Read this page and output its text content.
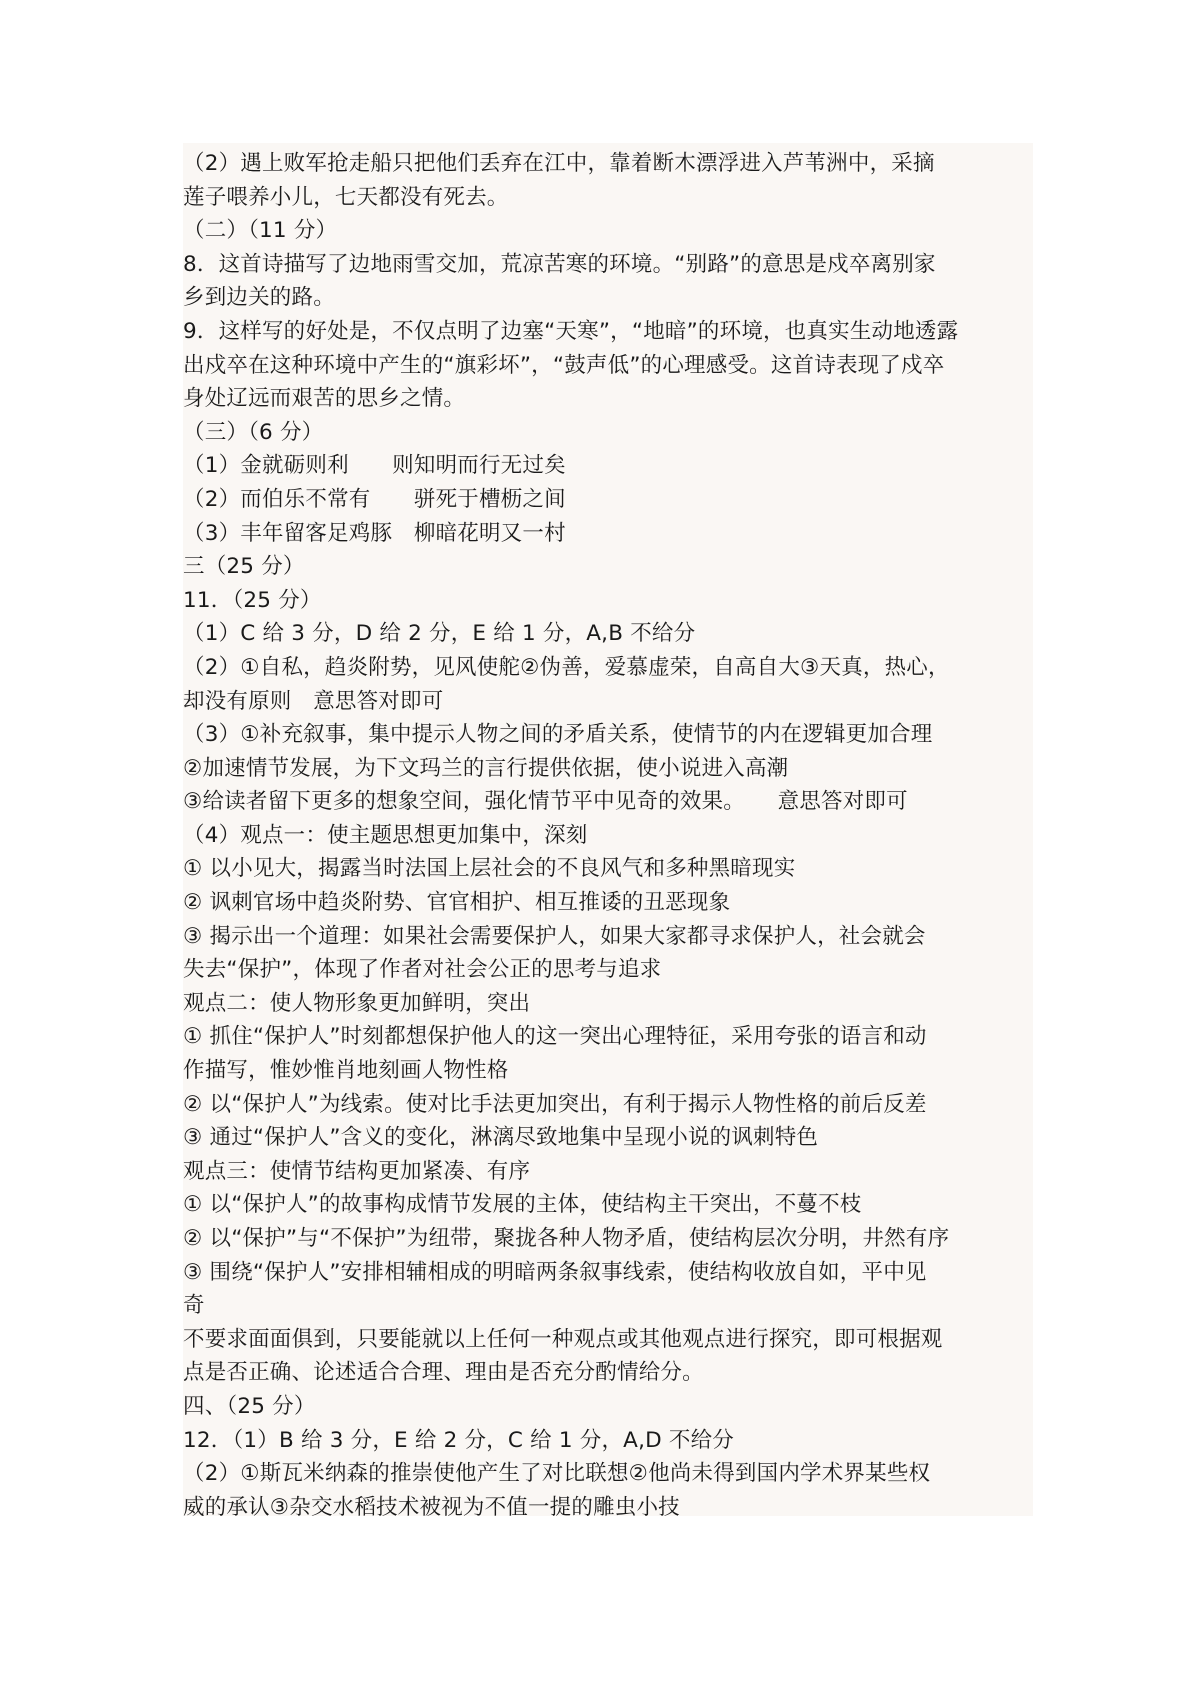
（2）遇上败军抢走船只把他们丢弃在江中，靠着断木漂浮进入芦苇洲中，采摘

莲子喂养小儿，七天都没有死去。

（二）（11 分）

8．这首诗描写了边地雨雪交加，荒凉苦寒的环境。“别路”的意思是戍卒离别家

乡到边关的路。

9．这样写的好处是，不仅点明了边塞“天寒”，“地暗”的环境，也真实生动地透露

出戍卒在这种环境中产生的“旗彩坏”，“鼓声低”的心理感受。这首诗表现了戍卒

身处辽远而艰苦的思乡之情。

（三）（6 分）

（1）金就砺则利　　则知明而行无过矣

（2）而伯乐不常有　　骈死于槽枥之间

（3）丰年留客足鸡豚　柳暗花明又一村

三（25 分）

11．（25 分）

（1）C 给 3 分，D 给 2 分，E 给 1 分，A,B 不给分

（2）①自私，趋炎附势，见风使舵②伪善，爱慕虚荣，自高自大③天真，热心，

却没有原则　意思答对即可

（3）①补充叙事，集中提示人物之间的矛盾关系，使情节的内在逻辑更加合理

②加速情节发展，为下文玛兰的言行提供依据，使小说进入高潮

③给读者留下更多的想象空间，强化情节平中见奇的效果。　　意思答对即可

（4）观点一：使主题思想更加集中，深刻

① 以小见大，揭露当时法国上层社会的不良风气和多种黑暗现实

② 讽刺官场中趋炎附势、官官相护、相互推诿的丑恶现象

③ 揭示出一个道理：如果社会需要保护人，如果大家都寻求保护人，社会就会

失去“保护”，体现了作者对社会公正的思考与追求

观点二：使人物形象更加鲜明，突出

① 抓住“保护人”时刻都想保护他人的这一突出心理特征，采用夸张的语言和动

作描写，惟妙惟肖地刻画人物性格

② 以“保护人”为线索。使对比手法更加突出，有利于揭示人物性格的前后反差

③ 通过“保护人”含义的变化，淋漓尽致地集中呈现小说的讽刺特色

观点三：使情节结构更加紧凑、有序

① 以“保护人”的故事构成情节发展的主体，使结构主干突出，不蔓不枝

② 以“保护”与“不保护”为纽带，聚拢各种人物矛盾，使结构层次分明，井然有序

③ 围绕“保护人”安排相辅相成的明暗两条叙事线索，使结构收放自如，平中见

奇

不要求面面俱到，只要能就以上任何一种观点或其他观点进行探究，即可根据观

点是否正确、论述适合合理、理由是否充分酌情给分。

四、（25 分）

12．（1）B 给 3 分，E 给 2 分，C 给 1 分，A,D 不给分

（2）①斯瓦米纳森的推崇使他产生了对比联想②他尚未得到国内学术界某些权

威的承认③杂交水稻技术被视为不值一提的雕虫小技
